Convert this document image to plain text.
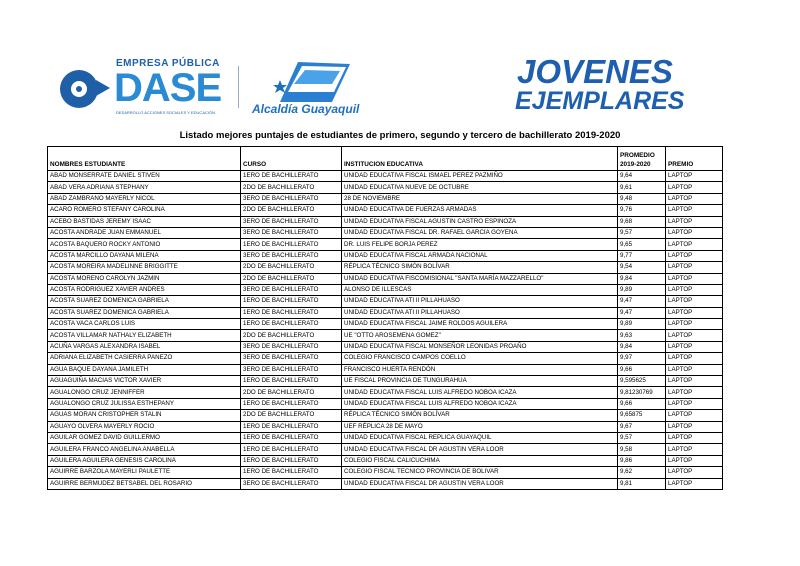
EMPRESA PÚBLICA
DASE
DESARROLLO ACCIONES SOCIALES Y EDUCACIÓN	Alcaldía Guayaquil
JOVENES
EJEMPLARES
Listado mejores puntajes de estudiantes de primero, segundo y tercero de bachillerato 2019-2020
NOMBRES ESTUDIANTE	CURSO	INSTITUCION EDUCATIVA	PROMEDIO 2019-2020	PREMIO
ABAD MONSERRATE DANIEL STIVEN	1ERO DE BACHILLERATO	UNIDAD EDUCATIVA FISCAL ISMAEL PEREZ PAZMIÑO	9,64	LAPTOP
ABAD VERA ADRIANA STEPHANY	2DO DE BACHILLERATO	UNIDAD EDUCATIVA NUEVE DE OCTUBRE	9,61	LAPTOP
ABAD ZAMBRANO MAYERLY NICOL	3ERO DE BACHILLERATO	28 DE NOVIEMBRE	9,48	LAPTOP
ACARO ROMERO STEFANY CAROLINA	2DO DE BACHILLERATO	UNIDAD EDUCATIVA DE FUERZAS ARMADAS	9,76	LAPTOP
ACEBO BASTIDAS JEREMY ISAAC	3ERO DE BACHILLERATO	UNIDAD EDUCATIVA FISCAL AGUSTIN CASTRO ESPINOZA	9,68	LAPTOP
ACOSTA ANDRADE JUAN EMMANUEL	3ERO DE BACHILLERATO	UNIDAD EDUCATIVA FISCAL DR. RAFAEL GARCIA GOYENA	9,57	LAPTOP
ACOSTA BAQUERO ROCKY ANTONIO	1ERO DE BACHILLERATO	DR. LUIS FELIPE BORJA PEREZ	9,65	LAPTOP
ACOSTA MARCILLO DAYANA MILENA	3ERO DE BACHILLERATO	UNIDAD EDUCATIVA FISCAL ARMADA NACIONAL	9,77	LAPTOP
ACOSTA MOREIRA MADELINNE BRIGGITTE	2DO DE BACHILLERATO	RÉPLICA TÉCNICO SIMÓN BOLÍVAR	9,54	LAPTOP
ACOSTA MORENO CAROLYN JAZMIN	2DO DE BACHILLERATO	UNIDAD EDUCATIVA FISCOMISIONAL "SANTA MARÍA MAZZARELLO"	9,84	LAPTOP
ACOSTA RODRIGUEZ XAVIER ANDRES	3ERO DE BACHILLERATO	ALONSO DE ILLESCAS	9,89	LAPTOP
ACOSTA SUAREZ DOMENICA GABRIELA	1ERO DE BACHILLERATO	UNIDAD EDUCATIVA ATI II PILLAHUASO	9,47	LAPTOP
ACOSTA SUAREZ DOMENICA GABRIELA	1ERO DE BACHILLERATO	UNIDAD EDUCATIVA ATI II PILLAHUASO	9,47	LAPTOP
ACOSTA VACA CARLOS LUIS	1ERO DE BACHILLERATO	UNIDAD EDUCATIVA FISCAL JAIME ROLDOS AGUILERA	9,89	LAPTOP
ACOSTA VILLAMAR NATHALY ELIZABETH	2DO DE BACHILLERATO	UE "OTTO AROSEMENA GOMEZ"	9,63	LAPTOP
ACUÑA VARGAS ALEXANDRA ISABEL	3ERO DE BACHILLERATO	UNIDAD EDUCATIVA FISCAL MONSEÑOR LEONIDAS PROAÑO	9,84	LAPTOP
ADRIANA ELIZABETH CASIERRA PANEZO	3ERO DE BACHILLERATO	COLEGIO FRANCISCO CAMPOS COELLO	9,97	LAPTOP
AGUA BAQUE DAYANA JAMILETH	3ERO DE BACHILLERATO	FRANCISCO HUERTA RENDÓN	9,66	LAPTOP
AGUAGUIÑA MACIAS VICTOR XAVIER	1ERO DE BACHILLERATO	UE FISCAL PROVINCIA DE TUNGURAHUA	9,595625	LAPTOP
AGUALONGO CRUZ JENNIFFER	2DO DE BACHILLERATO	UNIDAD EDUCATIVA FISCAL LUIS ALFREDO NOBOA ICAZA	9,81230769	LAPTOP
AGUALONGO CRUZ JULISSA ESTHEPANY	1ERO DE BACHILLERATO	UNIDAD EDUCATIVA FISCAL LUIS ALFREDO NOBOA ICAZA	9,66	LAPTOP
AGUAS MORAN CRISTOPHER STALIN	2DO DE BACHILLERATO	RÉPLICA TÉCNICO SIMÓN BOLÍVAR	9,65875	LAPTOP
AGUAYO OLVERA MAYERLY ROCIO	1ERO DE BACHILLERATO	UEF RÉPLICA 28 DE MAYO	9,67	LAPTOP
AGUILAR GOMEZ DAVID GUILLERMO	1ERO DE BACHILLERATO	UNIDAD EDUCATIVA FISCAL REPLICA GUAYAQUIL	9,57	LAPTOP
AGUILERA FRANCO ANGELINA ANABELLA	1ERO DE BACHILLERATO	UNIDAD EDUCATIVA FISCAL DR AGUSTIN VERA LOOR	9,58	LAPTOP
AGUILERA AGUILERA GENESIS CAROLINA	1ERO DE BACHILLERATO	COLEGIO FISCAL CALICUCHIMA	9,86	LAPTOP
AGUIRRE BARZOLA MAYERLI PAULETTE	1ERO DE BACHILLERATO	COLEGIO FISCAL TECNICO PROVINCIA DE BOLIVAR	9,62	LAPTOP
AGUIRRE BERMUDEZ BETSABEL DEL ROSARIO	3ERO DE BACHILLERATO	UNIDAD EDUCATIVA FISCAL DR AGUSTIN VERA LOOR	9,81	LAPTOP
